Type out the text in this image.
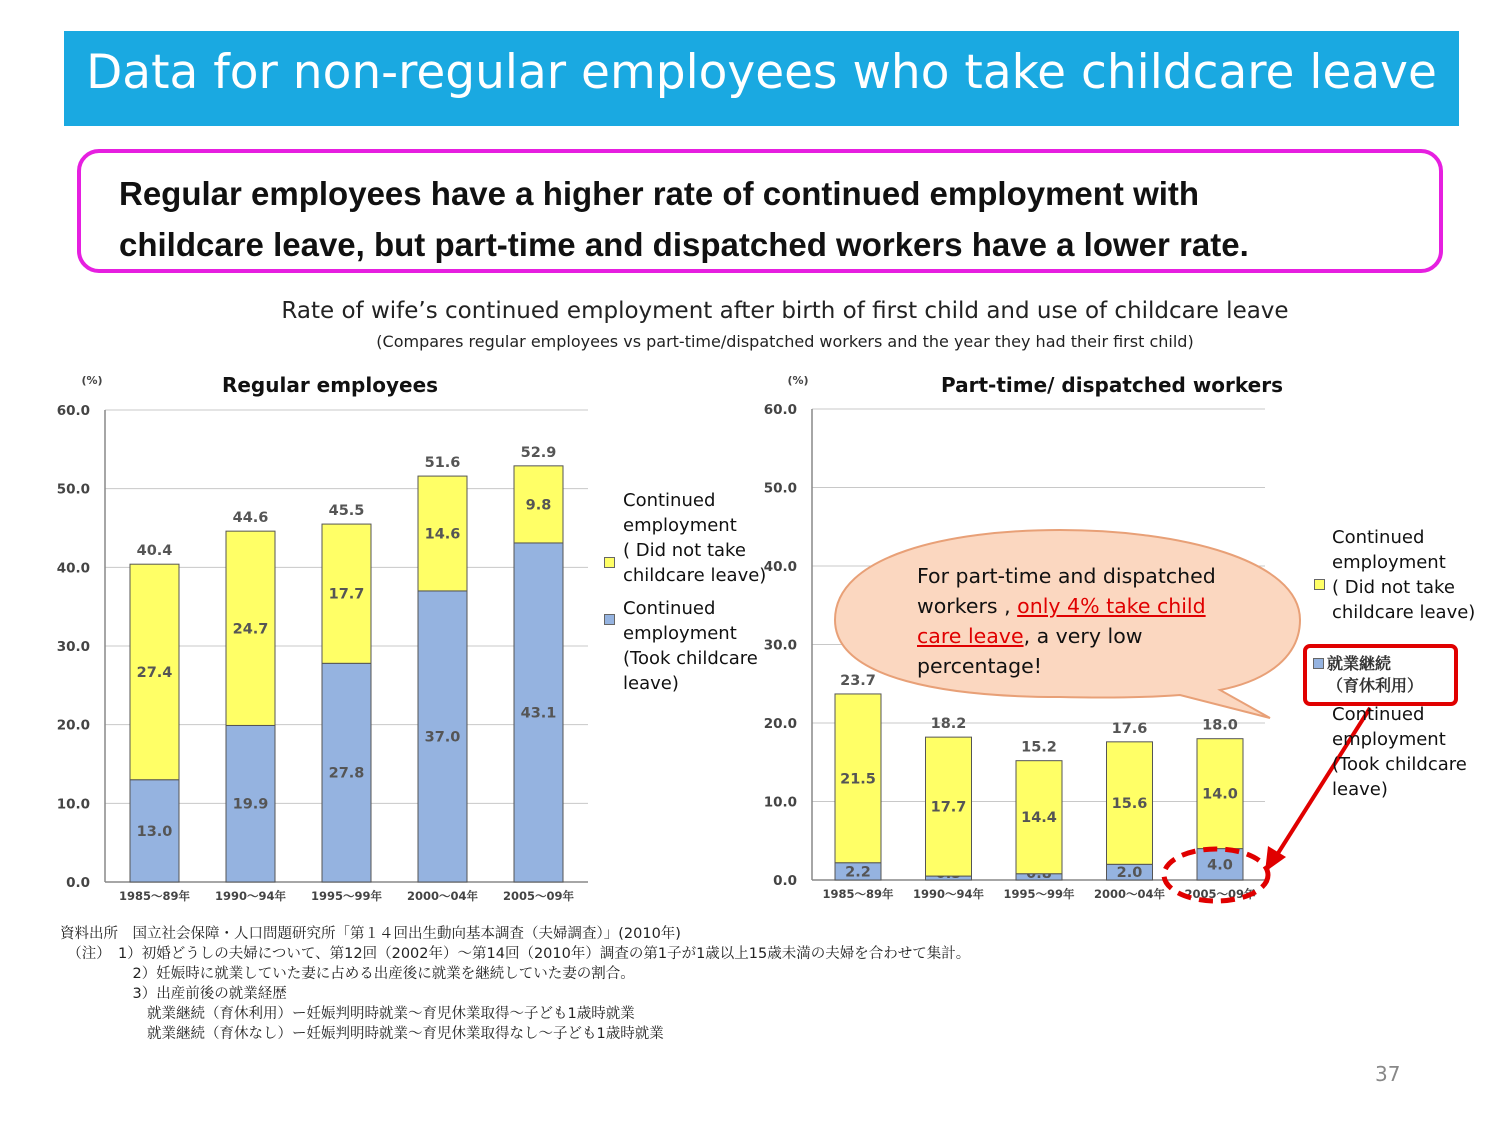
Data for non-regular employees who take childcare leave
Regular employees have a higher rate of continued employment with
childcare leave, but part-time and dispatched workers have a lower rate.
Rate of wife’s continued employment after birth of first child and use of childcare leave
(Compares regular employees vs part-time/dispatched workers and the year they had their first child)
0.0
10.0
20.0
30.0
40.0
50.0
60.0
(%)	Regular employees
13.0
27.4
40.4
1985～89年
19.9
24.7
44.6
1990～94年
27.8
17.7
45.5
1995～99年
37.0
14.6
51.6
2000～04年
43.1
9.8
52.9
2005～09年
0.0
10.0
20.0
30.0
40.0
50.0
60.0
(%)	Part-time/ dispatched workers
2.2
21.5
23.7
1985～89年
17.7
18.2
1990～94年
14.4
15.2
1995～99年
2.0
15.6
17.6
2000～04年
4.0
14.0
18.0
2005～09年
For part-time and dispatched workers , only 4% take child care leave, a very low percentage!
Continued
employment
( Did not take
childcare leave)
Continued
employment
(Took childcare
leave)
Continued
employment
( Did not take
childcare leave)
就業継続
（育休利用）
Continued
employment
(Took childcare
leave)
資料出所　国立社会保障・人口問題研究所「第１４回出生動向基本調査（夫婦調査）」(2010年)
　（注）　1）初婚どうしの夫婦について、第12回（2002年）～第14回（2010年）調査の第1子が1歳以上15歳未満の夫婦を合わせて集計。
　　　　　2）妊娠時に就業していた妻に占める出産後に就業を継続していた妻の割合。
　　　　　3）出産前後の就業経歴
　　　　　　就業継続（育休利用）ー妊娠判明時就業～育児休業取得～子ども1歳時就業
　　　　　　就業継続（育休なし）ー妊娠判明時就業～育児休業取得なし～子ども1歳時就業
37
